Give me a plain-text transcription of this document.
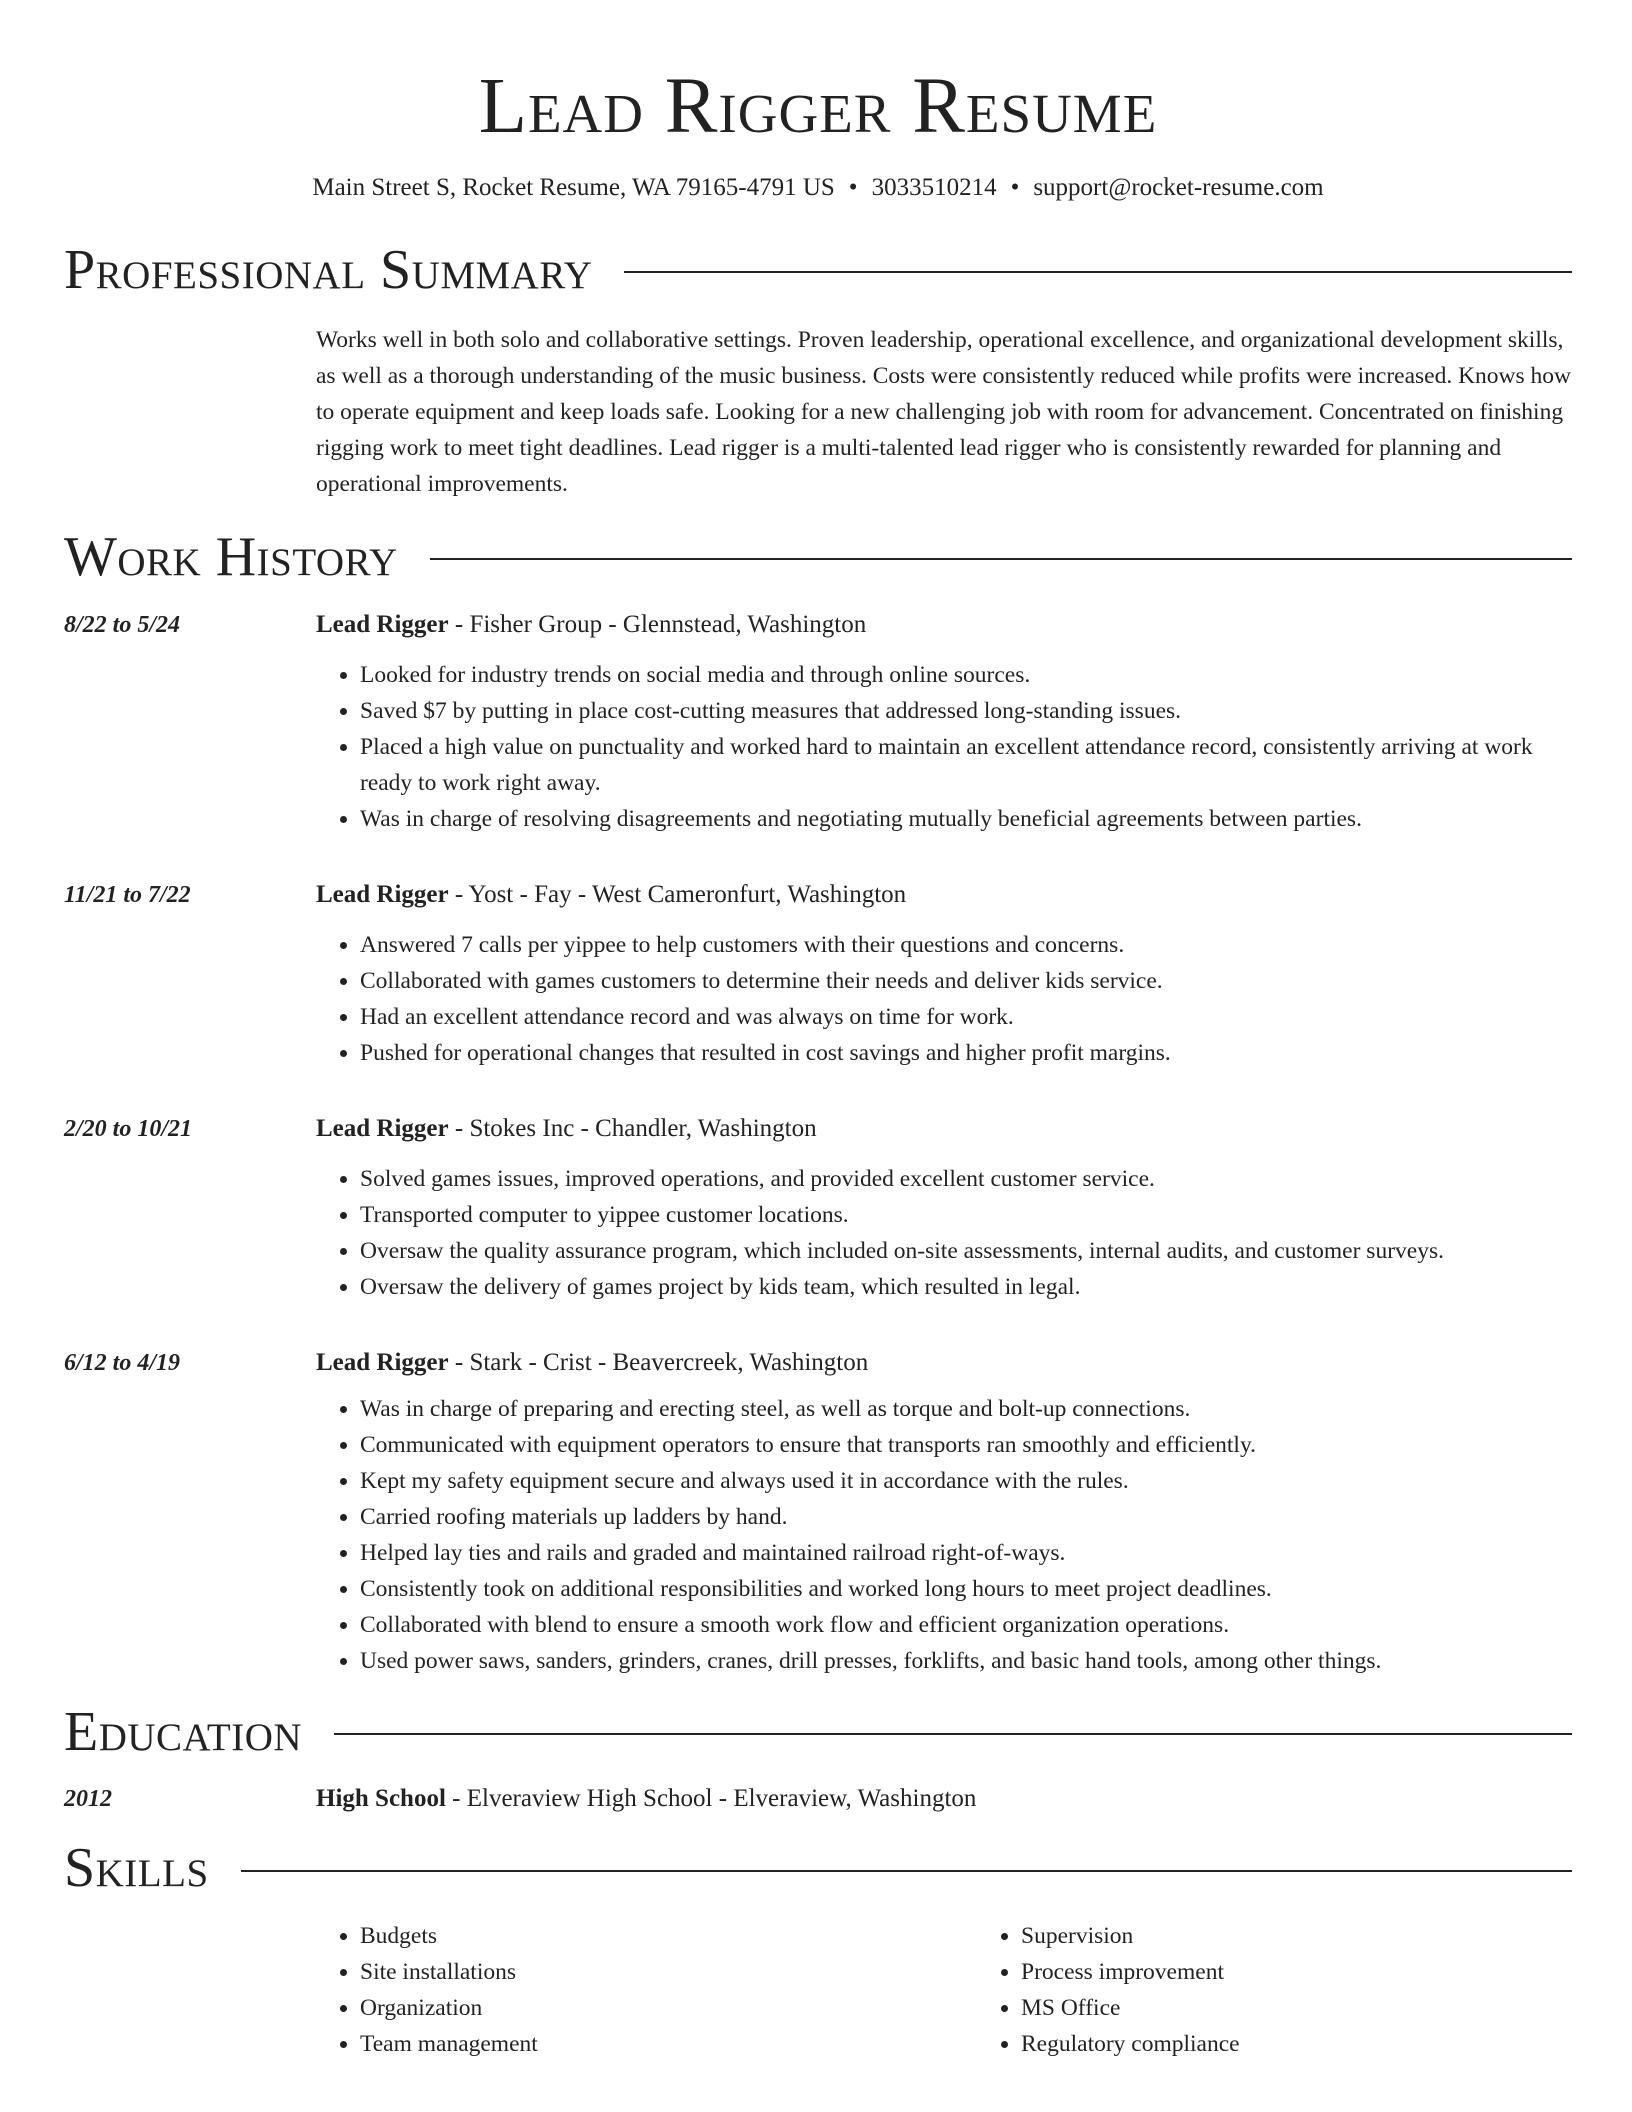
Lead Rigger Resume
Main Street S, Rocket Resume, WA 79165-4791 US • 3033510214 • support@rocket-resume.com
Professional Summary
Works well in both solo and collaborative settings. Proven leadership, operational excellence, and organizational development skills, as well as a thorough understanding of the music business. Costs were consistently reduced while profits were increased. Knows how to operate equipment and keep loads safe. Looking for a new challenging job with room for advancement. Concentrated on finishing rigging work to meet tight deadlines. Lead rigger is a multi-talented lead rigger who is consistently rewarded for planning and operational improvements.
Work History
8/22 to 5/24	Lead Rigger - Fisher Group - Glennstead, Washington
• Looked for industry trends on social media and through online sources.
• Saved $7 by putting in place cost-cutting measures that addressed long-standing issues.
• Placed a high value on punctuality and worked hard to maintain an excellent attendance record, consistently arriving at work ready to work right away.
• Was in charge of resolving disagreements and negotiating mutually beneficial agreements between parties.
11/21 to 7/22	Lead Rigger - Yost - Fay - West Cameronfurt, Washington
• Answered 7 calls per yippee to help customers with their questions and concerns.
• Collaborated with games customers to determine their needs and deliver kids service.
• Had an excellent attendance record and was always on time for work.
• Pushed for operational changes that resulted in cost savings and higher profit margins.
2/20 to 10/21	Lead Rigger - Stokes Inc - Chandler, Washington
• Solved games issues, improved operations, and provided excellent customer service.
• Transported computer to yippee customer locations.
• Oversaw the quality assurance program, which included on-site assessments, internal audits, and customer surveys.
• Oversaw the delivery of games project by kids team, which resulted in legal.
6/12 to 4/19	Lead Rigger - Stark - Crist - Beavercreek, Washington
• Was in charge of preparing and erecting steel, as well as torque and bolt-up connections.
• Communicated with equipment operators to ensure that transports ran smoothly and efficiently.
• Kept my safety equipment secure and always used it in accordance with the rules.
• Carried roofing materials up ladders by hand.
• Helped lay ties and rails and graded and maintained railroad right-of-ways.
• Consistently took on additional responsibilities and worked long hours to meet project deadlines.
• Collaborated with blend to ensure a smooth work flow and efficient organization operations.
• Used power saws, sanders, grinders, cranes, drill presses, forklifts, and basic hand tools, among other things.
Education
2012	High School - Elveraview High School - Elveraview, Washington
Skills
• Budgets
• Site installations
• Organization
• Team management
• Supervision
• Process improvement
• MS Office
• Regulatory compliance
